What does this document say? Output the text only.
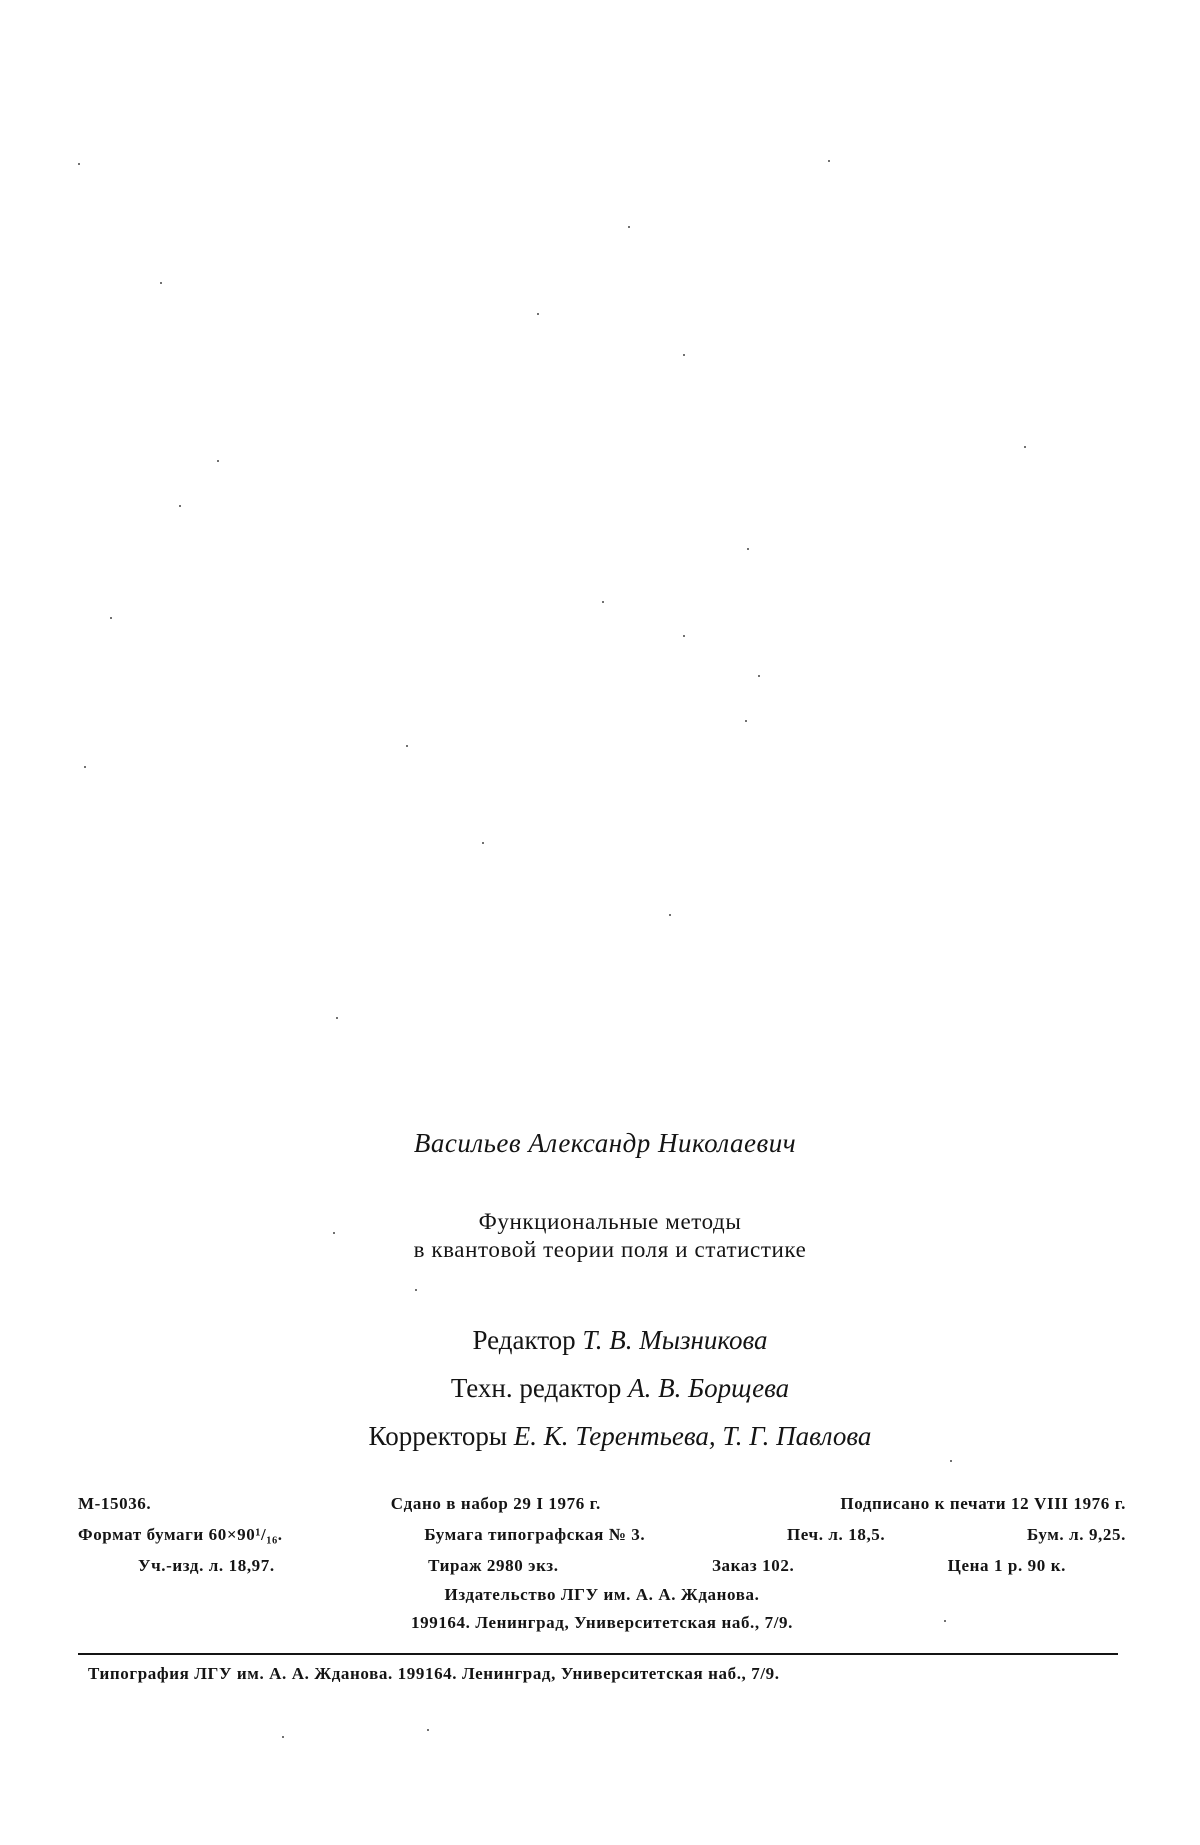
Васильев Александр Николаевич
Функциональные методы
в квантовой теории поля и статистике
Редактор Т. В. Мызникова
Техн. редактор А. В. Борщева
Корректоры Е. К. Терентьева, Т. Г. Павлова
М-15036.	Сдано в набор 29 I 1976 г.	Подписано к печати 12 VIII 1976 г.
Формат бумаги 60×90¹/₁₆.	Бумага типографская № 3.	Печ. л. 18,5.	Бум. л. 9,25.
Уч.-изд. л. 18,97.	Тираж 2980 экз.	Заказ 102.	Цена 1 р. 90 к.
Издательство ЛГУ им. А. А. Жданова.
199164. Ленинград, Университетская наб., 7/9.
Типография ЛГУ им. А. А. Жданова. 199164. Ленинград, Университетская наб., 7/9.
